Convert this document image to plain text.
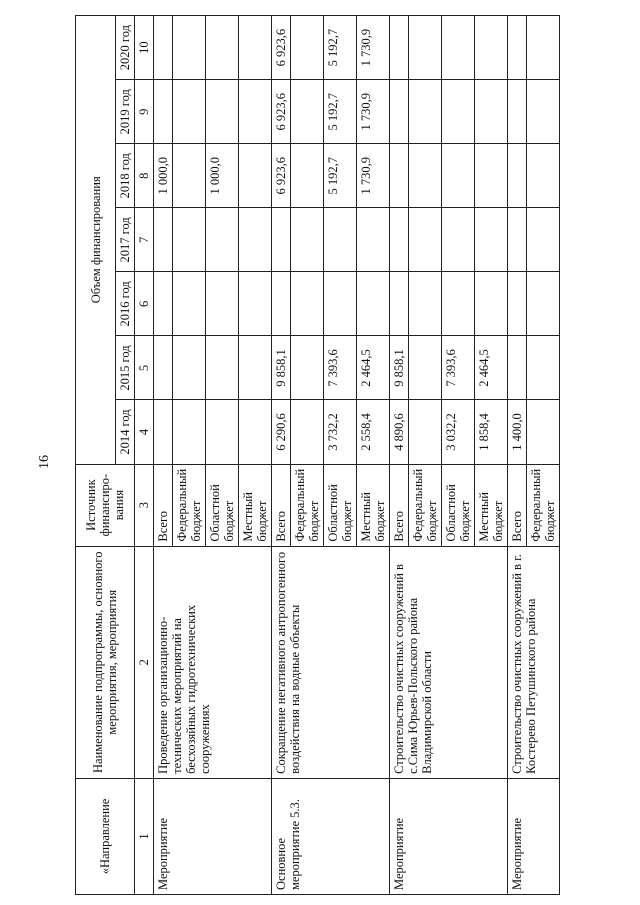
16
«Направление	Наименование подпрограммы, основного мероприятия, мероприятия	Источник финансиро-вания	Объем финансирования						
			2014 год	2015 год	2016 год	2017 год	2018 год	2019 год	2020 год
1	2	3	4	5	6	7	8	9	10
Мероприятие	Проведение организационно-технических мероприятий на бесхозяйных гидротехнических сооружениях	Всего					1 000,0		
		Федеральный бюджет							
		Областной бюджет					1 000,0		
		Местный бюджет							
Основное мероприятие 5.3.	Сокращение негативного антропогенного воздействия на водные объекты	Всего	6 290,6	9 858,1			6 923,6	6 923,6	6 923,6
		Федеральный бюджет							
		Областной бюджет	3 732,2	7 393,6			5 192,7	5 192,7	5 192,7
		Местный бюджет	2 558,4	2 464,5			1 730,9	1 730,9	1 730,9
Мероприятие	Строительство очистных сооружений в с.Сима Юрьев-Польского района Владимирской области	Всего	4 890,6	9 858,1					
		Федеральный бюджет							
		Областной бюджет	3 032,2	7 393,6					
		Местный бюджет	1 858,4	2 464,5					
Мероприятие	Строительство очистных сооружений в г. Костерево Петушинского района	Всего	1 400,0						
		Федеральный бюджет							
